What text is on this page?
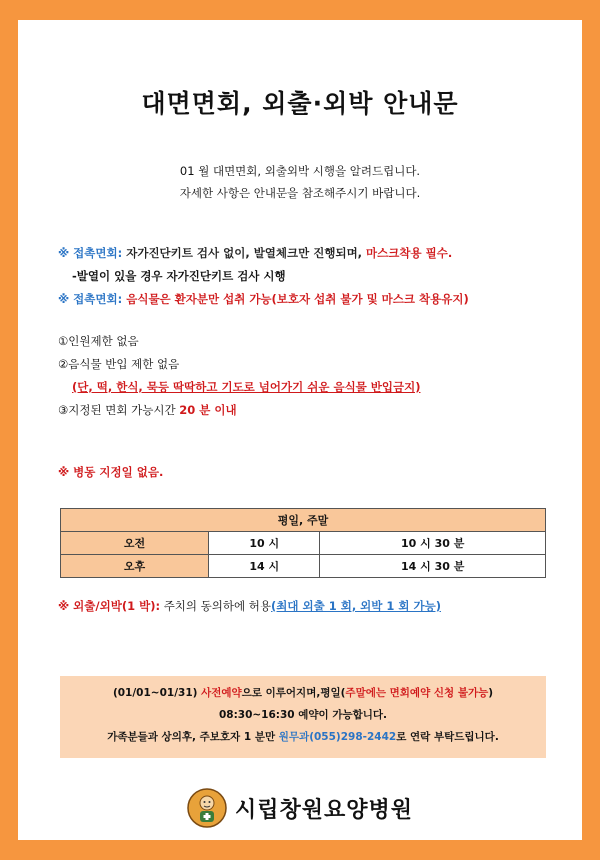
대면면회, 외출·외박 안내문
01 월 대면면회, 외출외박 시행을 알려드립니다.
자세한 사항은 안내문을 참조해주시기 바랍니다.
※ 접촉면회: 자가진단키트 검사 없이, 발열체크만 진행되며, 마스크착용 필수.
-발열이 있을 경우 자가진단키트 검사 시행
※ 접촉면회: 음식물은 환자분만 섭취 가능(보호자 섭취 불가 및 마스크 착용유지)
①인원제한 없음
②음식물 반입 제한 없음
(단, 떡, 한식, 묵등 딱딱하고 기도로 넘어가기 쉬운 음식물 반입금지)
③지정된 면회 가능시간 20 분 이내
※ 병동 지정일 없음.
평일, 주말		
오전	10 시	10 시 30 분
오후	14 시	14 시 30 분
※ 외출/외박(1 박): 주치의 동의하에 허용(최대 외출 1 회, 외박 1 회 가능)
(01/01~01/31) 사전예약으로 이루어지며,평일(주말에는 면회예약 신청 불가능)
08:30~16:30 예약이 가능합니다.
가족분들과 상의후, 주보호자 1 분만 원무과(055)298-2442로 연락 부탁드립니다.
시립창원요양병원
